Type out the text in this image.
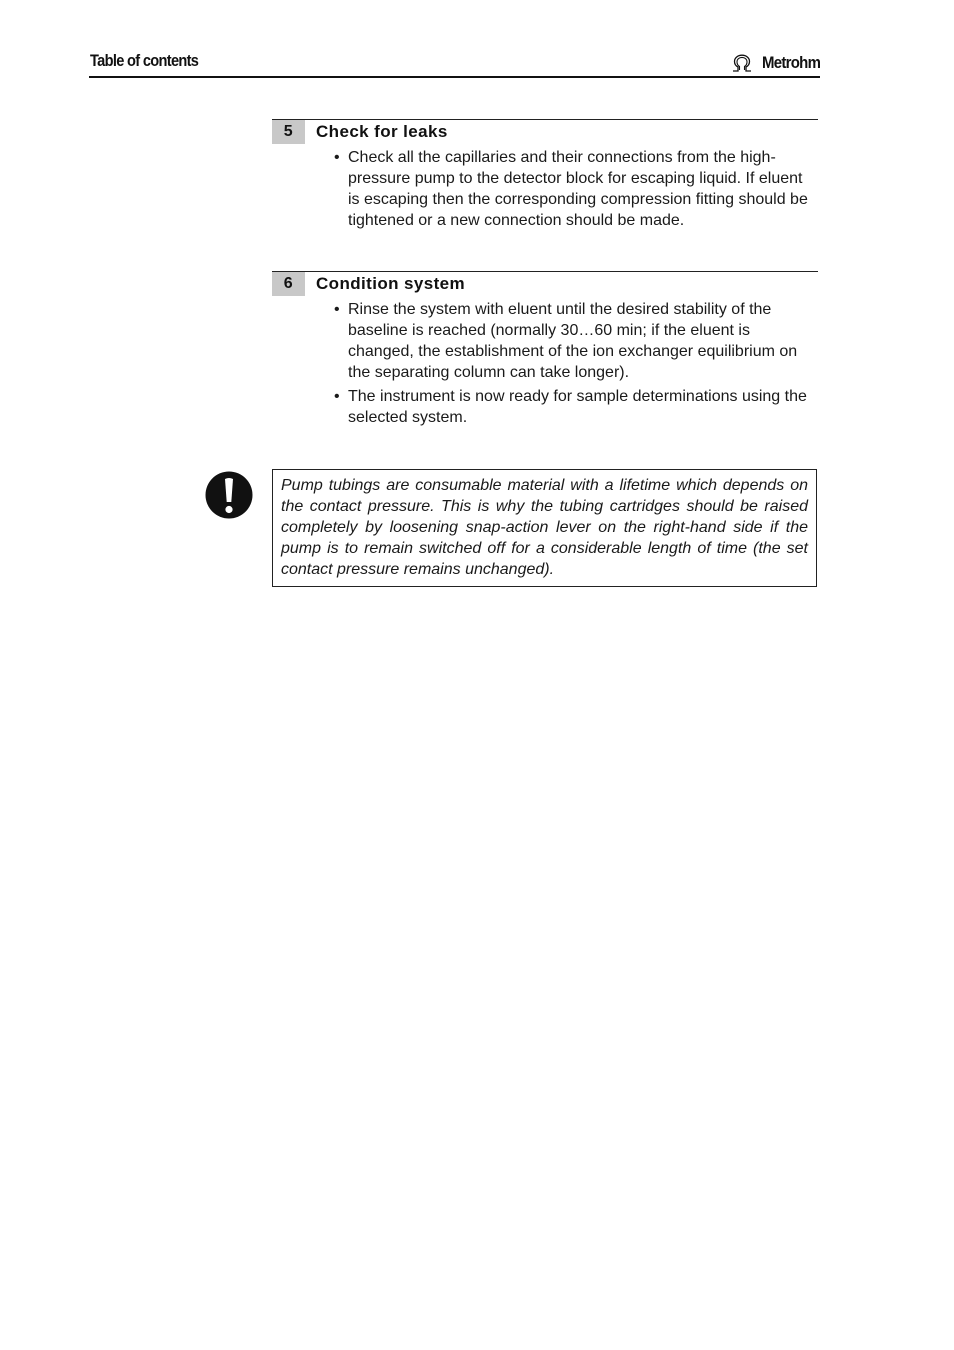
Table of contents	Metrohm
5	Check for leaks
• Check all the capillaries and their connections from the high-pressure pump to the detector block for escaping liquid. If eluent is escaping then the corresponding compression fitting should be tightened or a new connection should be made.
6	Condition system
• Rinse the system with eluent until the desired stability of the baseline is reached (normally 30…60 min; if the eluent is changed, the establishment of the ion exchanger equilibrium on the separating column can take longer).
• The instrument is now ready for sample determinations using the selected system.

Pump tubings are consumable material with a lifetime which depends on the contact pressure. This is why the tubing cartridges should be raised completely by loosening snap-action lever on the right-hand side if the pump is to remain switched off for a considerable length of time (the set contact pressure remains unchanged).
